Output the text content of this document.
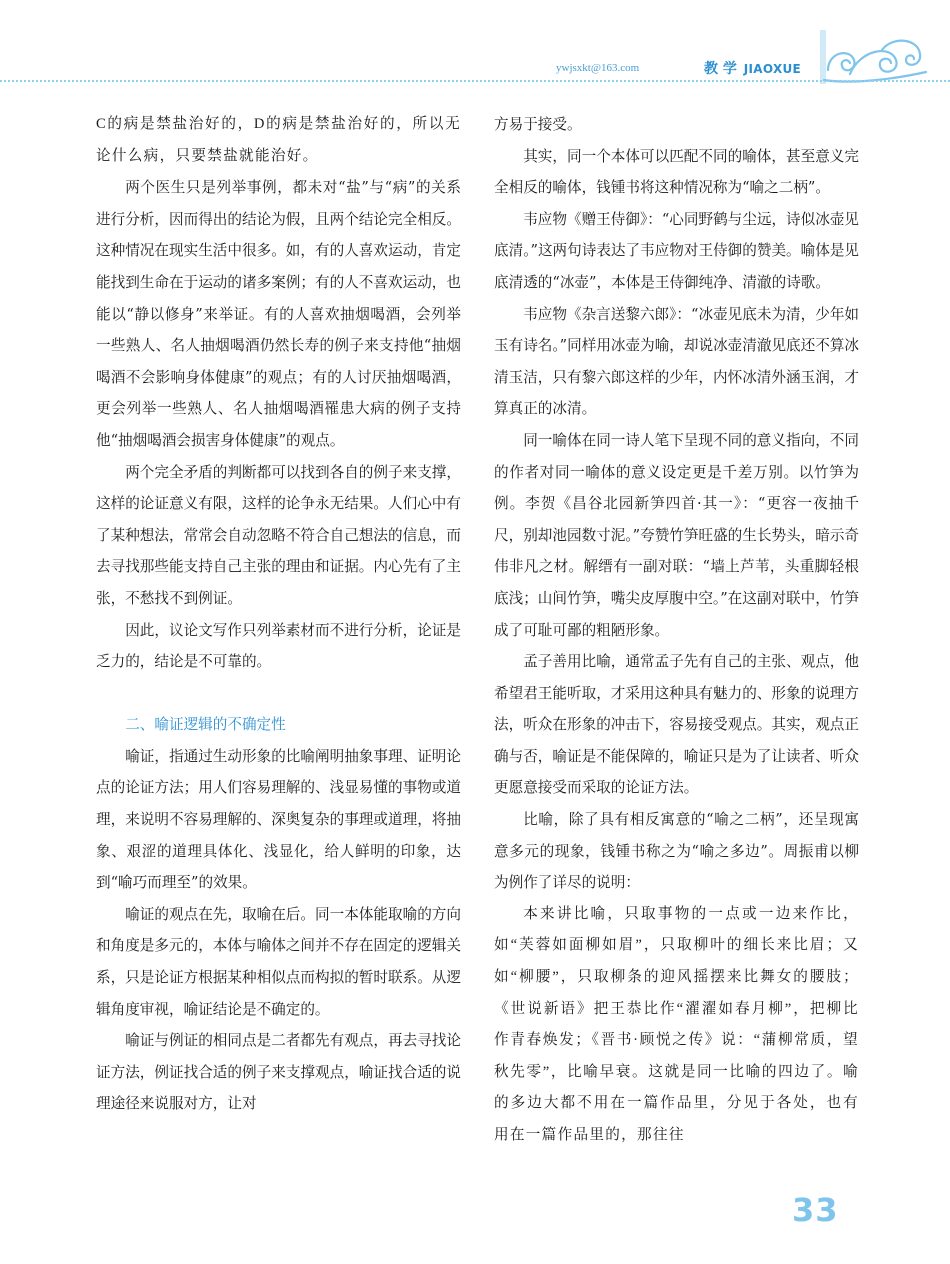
ywjsxkt@163.com	教 学 JIAOXUE

C的病是禁盐治好的，D的病是禁盐治好的，所以无论什么病，只要禁盐就能治好。

两个医生只是列举事例，都未对“盐”与“病”的关系进行分析，因而得出的结论为假，且两个结论完全相反。这种情况在现实生活中很多。如，有的人喜欢运动，肯定能找到生命在于运动的诸多案例；有的人不喜欢运动，也能以“静以修身”来举证。有的人喜欢抽烟喝酒，会列举一些熟人、名人抽烟喝酒仍然长寿的例子来支持他“抽烟喝酒不会影响身体健康”的观点；有的人讨厌抽烟喝酒，更会列举一些熟人、名人抽烟喝酒罹患大病的例子支持他“抽烟喝酒会损害身体健康”的观点。

两个完全矛盾的判断都可以找到各自的例子来支撑，这样的论证意义有限，这样的论争永无结果。人们心中有了某种想法，常常会自动忽略不符合自己想法的信息，而去寻找那些能支持自己主张的理由和证据。内心先有了主张，不愁找不到例证。

因此，议论文写作只列举素材而不进行分析，论证是乏力的，结论是不可靠的。

二、喻证逻辑的不确定性

喻证，指通过生动形象的比喻阐明抽象事理、证明论点的论证方法；用人们容易理解的、浅显易懂的事物或道理，来说明不容易理解的、深奥复杂的事理或道理，将抽象、艰涩的道理具体化、浅显化，给人鲜明的印象，达到“喻巧而理至”的效果。

喻证的观点在先，取喻在后。同一本体能取喻的方向和角度是多元的，本体与喻体之间并不存在固定的逻辑关系，只是论证方根据某种相似点而构拟的暂时联系。从逻辑角度审视，喻证结论是不确定的。

喻证与例证的相同点是二者都先有观点，再去寻找论证方法，例证找合适的例子来支撑观点，喻证找合适的说理途径来说服对方，让对

方易于接受。

其实，同一个本体可以匹配不同的喻体，甚至意义完全相反的喻体，钱锺书将这种情况称为“喻之二柄”。

韦应物《赠王侍御》：“心同野鹤与尘远，诗似冰壶见底清。”这两句诗表达了韦应物对王侍御的赞美。喻体是见底清透的“冰壶”，本体是王侍御纯净、清澈的诗歌。

韦应物《杂言送黎六郎》：“冰壶见底未为清，少年如玉有诗名。”同样用冰壶为喻，却说冰壶清澈见底还不算冰清玉洁，只有黎六郎这样的少年，内怀冰清外涵玉润，才算真正的冰清。

同一喻体在同一诗人笔下呈现不同的意义指向，不同的作者对同一喻体的意义设定更是千差万别。以竹笋为例。李贺《昌谷北园新笋四首·其一》：“更容一夜抽千尺，别却池园数寸泥。”夸赞竹笋旺盛的生长势头，暗示奇伟非凡之材。解缙有一副对联：“墙上芦苇，头重脚轻根底浅；山间竹笋，嘴尖皮厚腹中空。”在这副对联中，竹笋成了可耻可鄙的粗陋形象。

孟子善用比喻，通常孟子先有自己的主张、观点，他希望君王能听取，才采用这种具有魅力的、形象的说理方法，听众在形象的冲击下，容易接受观点。其实，观点正确与否，喻证是不能保障的，喻证只是为了让读者、听众更愿意接受而采取的论证方法。

比喻，除了具有相反寓意的“喻之二柄”，还呈现寓意多元的现象，钱锺书称之为“喻之多边”。周振甫以柳为例作了详尽的说明：

本来讲比喻，只取事物的一点或一边来作比，如“芙蓉如面柳如眉”，只取柳叶的细长来比眉；又如“柳腰”，只取柳条的迎风摇摆来比舞女的腰肢；《世说新语》把王恭比作“濯濯如春月柳”，把柳比作青春焕发；《晋书·顾悦之传》说：“蒲柳常质，望秋先零”，比喻早衰。这就是同一比喻的四边了。喻的多边大都不用在一篇作品里，分见于各处，也有用在一篇作品里的，那往往

33
